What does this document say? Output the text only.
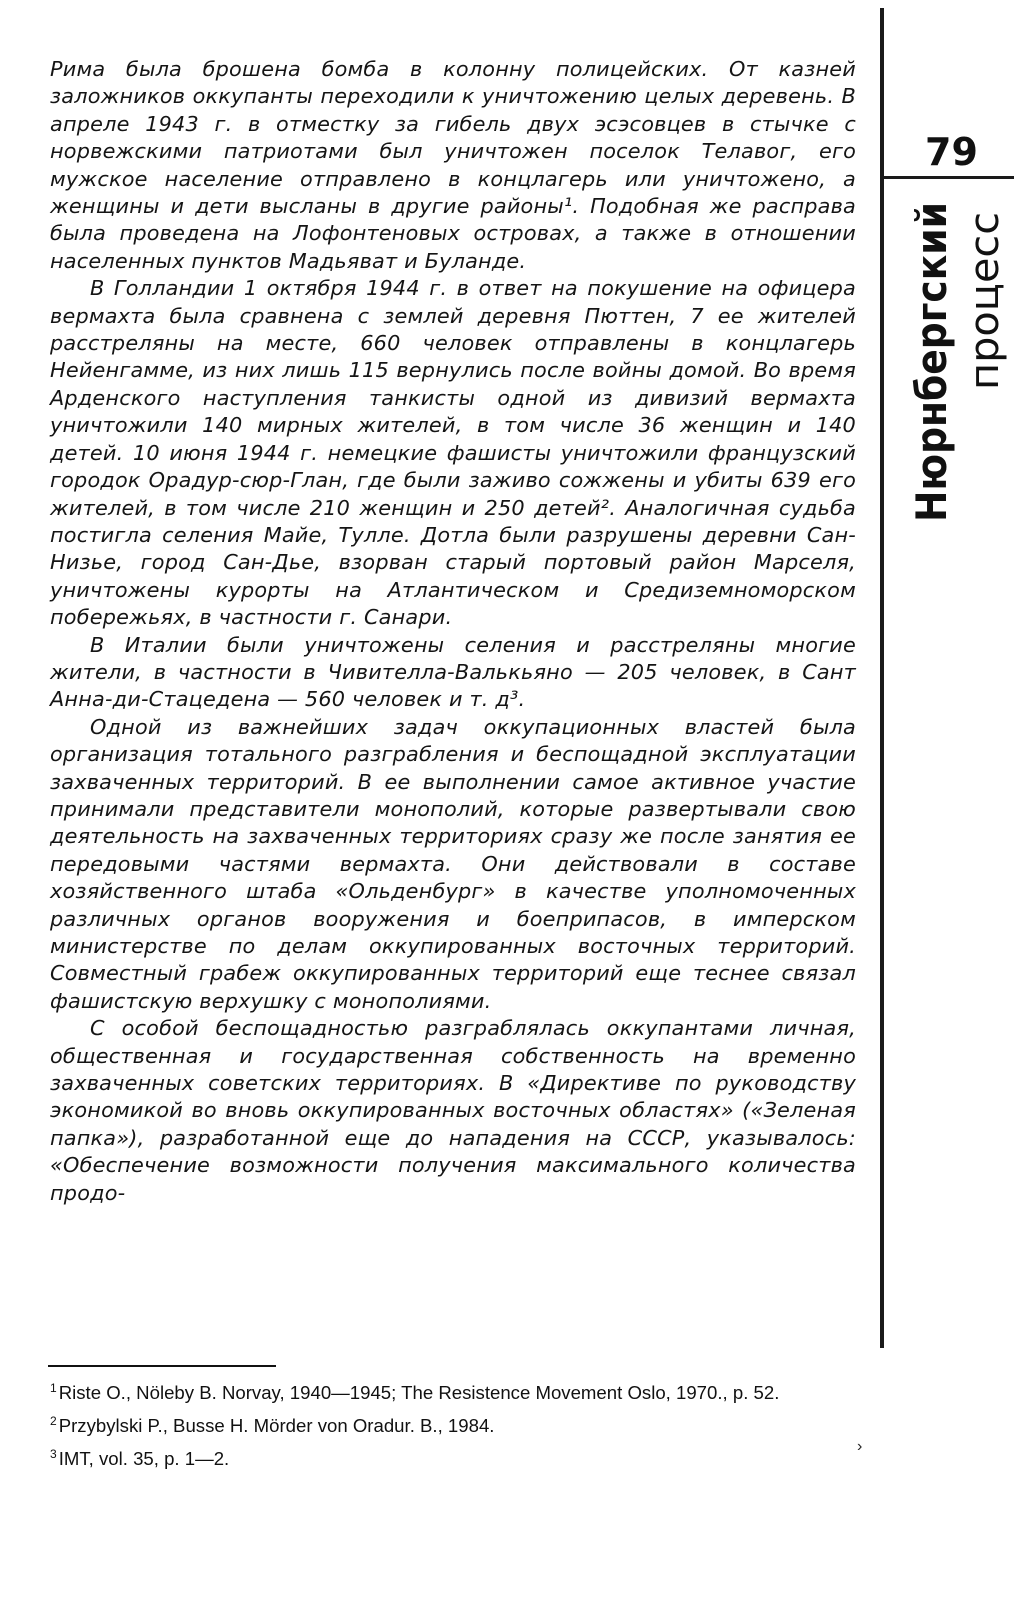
Рима была брошена бомба в колонну полицейских. От казней заложников оккупанты переходили к уничтожению целых деревень. В апреле 1943 г. в отместку за гибель двух эсэсовцев в стычке с норвежскими патриотами был уничтожен поселок Телавог, его мужское население отправлено в концлагерь или уничтожено, а женщины и дети высланы в другие районы¹. Подобная же расправа была проведена на Лофонтеновых островах, а также в отношении населенных пунктов Мадьяват и Буланде.

В Голландии 1 октября 1944 г. в ответ на покушение на офицера вермахта была сравнена с землей деревня Пюттен, 7 ее жителей расстреляны на месте, 660 человек отправлены в концлагерь Нейенгамме, из них лишь 115 вернулись после войны домой. Во время Арденского наступления танкисты одной из дивизий вермахта уничтожили 140 мирных жителей, в том числе 36 женщин и 140 детей. 10 июня 1944 г. немецкие фашисты уничтожили французский городок Орадур-сюр-Глан, где были заживо сожжены и убиты 639 его жителей, в том числе 210 женщин и 250 детей². Аналогичная судьба постигла селения Майе, Тулле. Дотла были разрушены деревни Сан-Низье, город Сан-Дье, взорван старый портовый район Марселя, уничтожены курорты на Атлантическом и Средиземноморском побережьях, в частности г. Санари.

В Италии были уничтожены селения и расстреляны многие жители, в частности в Чивителла-Валькьяно — 205 человек, в Сант Анна-ди-Стацедена — 560 человек и т. д³.

Одной из важнейших задач оккупационных властей была организация тотального разграбления и беспощадной эксплуатации захваченных территорий. В ее выполнении самое активное участие принимали представители монополий, которые развертывали свою деятельность на захваченных территориях сразу же после занятия ее передовыми частями вермахта. Они действовали в составе хозяйственного штаба «Ольденбург» в качестве уполномоченных различных органов вооружения и боеприпасов, в имперском министерстве по делам оккупированных восточных территорий. Совместный грабеж оккупированных территорий еще теснее связал фашистскую верхушку с монополиями.

С особой беспощадностью разграблялась оккупантами личная, общественная и государственная собственность на временно захваченных советских территориях. В «Директиве по руководству экономикой во вновь оккупированных восточных областях» («Зеленая папка»), разработанной еще до нападения на СССР, указывалось: «Обеспечение возможности получения максимального количества продо-

79
Нюрнбергский процесс

$^1$ Riste O., Nöleby B. Norvay, 1940—1945; The Resistence Movement Oslo, 1970., p. 52.

$^2$ Przybylski P., Busse H. Mörder von Oradur. B., 1984.

$^3$ IMT, vol. 35, p. 1—2.

›
